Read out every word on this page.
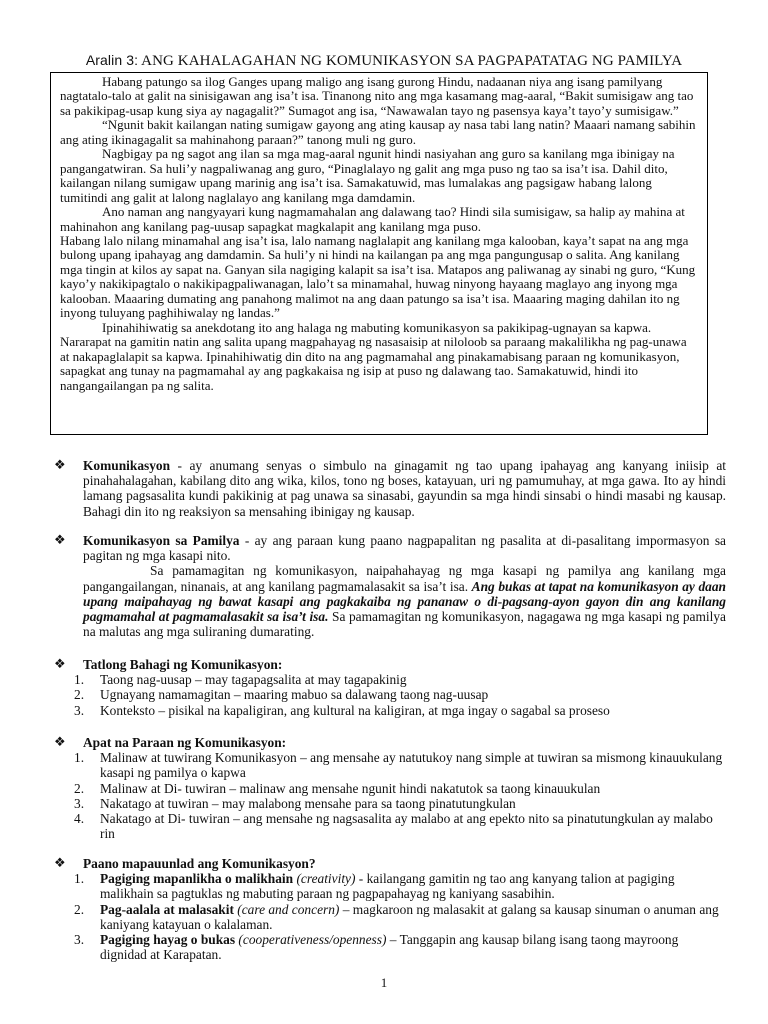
Aralin 3: ANG KAHALAGAHAN NG KOMUNIKASYON SA PAGPAPATATAG NG PAMILYA

Habang patungo sa ilog Ganges upang maligo ang isang gurong Hindu, nadaanan niya ang isang pamilyang nagtatalo-talo at galit na sinisigawan ang isa’t isa. Tinanong nito ang mga kasamang mag-aaral, “Bakit sumisigaw ang tao sa pakikipag-usap kung siya ay nagagalit?” Sumagot ang isa, “Nawawalan tayo ng pasensya kaya’t tayo’y sumisigaw.”

“Ngunit bakit kailangan nating sumigaw gayong ang ating kausap ay nasa tabi lang natin? Maaari namang sabihin ang ating ikinagagalit sa mahinahong paraan?” tanong muli ng guro.

Nagbigay pa ng sagot ang ilan sa mga mag-aaral ngunit hindi nasiyahan ang guro sa kanilang mga ibinigay na pangangatwiran. Sa huli’y nagpaliwanag ang guro, “Pinaglalayo ng galit ang mga puso ng tao sa isa’t isa. Dahil dito, kailangan nilang sumigaw upang marinig ang isa’t isa. Samakatuwid, mas lumalakas ang pagsigaw habang lalong tumitindi ang galit at lalong naglalayo ang kanilang mga damdamin.

Ano naman ang nangyayari kung nagmamahalan ang dalawang tao? Hindi sila sumisigaw, sa halip ay mahina at mahinahon ang kanilang pag-uusap sapagkat magkalapit ang kanilang mga puso.

Habang lalo nilang minamahal ang isa’t isa, lalo namang naglalapit ang kanilang mga kalooban, kaya’t sapat na ang mga bulong upang ipahayag ang damdamin. Sa huli’y ni hindi na kailangan pa ang mga pangungusap o salita. Ang kanilang mga tingin at kilos ay sapat na. Ganyan sila nagiging kalapit sa isa’t isa. Matapos ang paliwanag ay sinabi ng guro, “Kung kayo’y nakikipagtalo o nakikipagpaliwanagan, lalo’t sa minamahal, huwag ninyong hayaang maglayo ang inyong mga kalooban. Maaaring dumating ang panahong malimot na ang daan patungo sa isa’t isa. Maaaring maging dahilan ito ng inyong tuluyang paghihiwalay ng landas.”

Ipinahihiwatig sa anekdotang ito ang halaga ng mabuting komunikasyon sa pakikipag-ugnayan sa kapwa. Nararapat na gamitin natin ang salita upang magpahayag ng nasasaisip at niloloob sa paraang makalilikha ng pag-unawa at nakapaglalapit sa kapwa. Ipinahihiwatig din dito na ang pagmamahal ang pinakamabisang paraan ng komunikasyon, sapagkat ang tunay na pagmamahal ay ang pagkakaisa ng isip at puso ng dalawang tao. Samakatuwid, hindi ito nangangailangan pa ng salita.

❖	Komunikasyon - ay anumang senyas o simbulo na ginagamit ng tao upang ipahayag ang kanyang iniisip at pinahahalagahan, kabilang dito ang wika, kilos, tono ng boses, katayuan, uri ng pamumuhay, at mga gawa. Ito ay hindi lamang pagsasalita kundi pakikinig at pag unawa sa sinasabi, gayundin sa mga hindi sinsabi o hindi masabi ng kausap. Bahagi din ito ng reaksiyon sa mensahing ibinigay ng kausap.

❖	Komunikasyon sa Pamilya - ay ang paraan kung paano nagpapalitan ng pasalita at di-pasalitang impormasyon sa pagitan ng mga kasapi nito.

Sa pamamagitan ng komunikasyon, naipahahayag ng mga kasapi ng pamilya ang kanilang mga pangangailangan, ninanais, at ang kanilang pagmamalasakit sa isa’t isa. Ang bukas at tapat na komunikasyon ay daan upang maipahayag ng bawat kasapi ang pagkakaiba ng pananaw o di-pagsang-ayon gayon din ang kanilang pagmamahal at pagmamalasakit sa isa’t isa. Sa pamamagitan ng komunikasyon, nagagawa ng mga kasapi ng pamilya na malutas ang mga suliraning dumarating.

❖	Tatlong Bahagi ng Komunikasyon:

1. Taong nag-uusap – may tagapagsalita at may tagapakinig
2. Ugnayang namamagitan – maaring mabuo sa dalawang taong nag-uusap
3. Konteksto – pisikal na kapaligiran, ang kultural na kaligiran, at mga ingay o sagabal sa proseso
❖	Apat na Paraan ng Komunikasyon:

1. Malinaw at tuwirang Komunikasyon – ang mensahe ay natutukoy nang simple at tuwiran sa mismong kinauukulang kasapi ng pamilya o kapwa
2. Malinaw at Di- tuwiran – malinaw ang mensahe ngunit hindi nakatutok sa taong kinauukulan
3. Nakatago at tuwiran – may malabong mensahe para sa taong pinatutungkulan
4. Nakatago at Di- tuwiran – ang mensahe ng nagsasalita ay malabo at ang epekto nito sa pinatutungkulan ay malabo rin
❖	Paano mapauunlad ang Komunikasyon?

1. Pagiging mapanlikha o malikhain (creativity) - kailangang gamitin ng tao ang kanyang talion at pagiging malikhain sa pagtuklas ng mabuting paraan ng pagpapahayag ng kaniyang sasabihin.
2. Pag-aalala at malasakit (care and concern) – magkaroon ng malasakit at galang sa kausap sinuman o anuman ang kaniyang katayuan o kalalaman.
3. Pagiging hayag o bukas (cooperativeness/openness) – Tanggapin ang kausap bilang isang taong mayroong dignidad at Karapatan.
1
